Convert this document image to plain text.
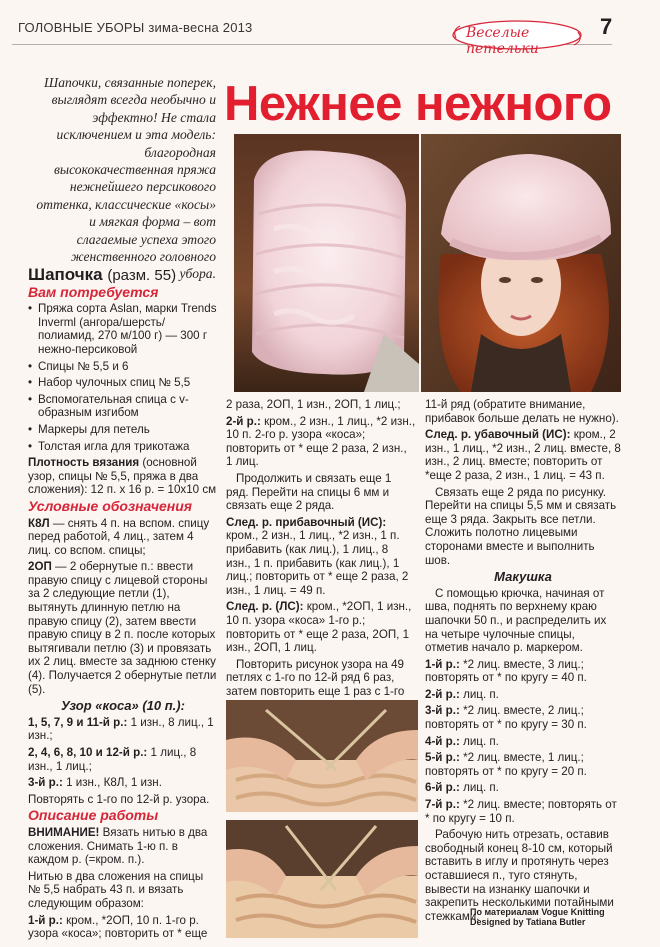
ГОЛОВНЫЕ УБОРЫ зима-весна 2013	Веселые петельки
7
Шапочки, связанные поперек, выглядят всегда необычно и эффектно! Не стала исключением и эта модель: благородная высококачественная пряжа нежнейшего персикового оттенка, классические «косы» и мягкая форма – вот слагаемые успеха этого женственного головного убора.
Нежнее нежного
Шапочка (разм. 55)
Вам потребуется
• Пряжа сорта Aslan, марки Trends Inverml (ангора/шерсть/полиамид, 270 м/100 г) — 300 г нежно-персиковой
• Спицы № 5,5 и 6
• Набор чулочных спиц № 5,5
• Вспомогательная спица с v-образным изгибом
• Маркеры для петель
• Толстая игла для трикотажа

Плотность вязания (основной узор, спицы № 5,5, пряжа в два сложения): 12 п. х 16 р. = 10х10 см

Условные обозначения

К8Л — снять 4 п. на вспом. спицу перед работой, 4 лиц., затем 4 лиц. со вспом. спицы;

2ОП — 2 обернутые п.: ввести правую спицу с лицевой стороны за 2 следующие петли (1), вытянуть длинную петлю на правую спицу (2), затем ввести правую спицу в 2 п. после которых вытягивали петлю (3) и провязать их 2 лиц. вместе за заднюю стенку (4). Получается 2 обернутые петли (5).

Узор «коса» (10 п.):

1, 5, 7, 9 и 11-й р.: 1 изн., 8 лиц., 1 изн.;

2, 4, 6, 8, 10 и 12-й р.: 1 лиц., 8 изн., 1 лиц.;

3-й р.: 1 изн., К8Л, 1 изн.

Повторять с 1-го по 12-й р. узора.

Описание работы

ВНИМАНИЕ! Вязать нитью в два сложения. Снимать 1-ю п. в каждом р. (=кром. п.).

Нитью в два сложения на спицы № 5,5 набрать 43 п. и вязать следующим образом:

1-й р.: кром., *2ОП, 10 п. 1-го р. узора «коса»; повторить от * еще

2 раза, 2ОП, 1 изн., 2ОП, 1 лиц.;

2-й р.: кром., 2 изн., 1 лиц., *2 изн., 10 п. 2-го р. узора «коса»; повторить от * еще 2 раза, 2 изн., 1 лиц.

Продолжить и связать еще 1 ряд. Перейти на спицы 6 мм и связать еще 2 ряда.

След. р. прибавочный (ИС): кром., 2 изн., 1 лиц., *2 изн., 1 п. прибавить (как лиц.), 1 лиц., 8 изн., 1 п. прибавить (как лиц.), 1 лиц.; повторить от * еще 2 раза, 2 изн., 1 лиц. = 49 п.

След. р. (ЛС): кром., *2ОП, 1 изн., 10 п. узора «коса» 1-го р.; повторить от * еще 2 раза, 2ОП, 1 изн., 2ОП, 1 лиц.

Повторить рисунок узора на 49 петлях с 1-го по 12-й ряд 6 раз, затем повторить еще 1 раз с 1-го

11-й ряд (обратите внимание, прибавок больше делать не нужно).

След. р. убавочный (ИС): кром., 2 изн., 1 лиц., *2 изн., 2 лиц. вместе, 8 изн., 2 лиц. вместе; повторить от *еще 2 раза, 2 изн., 1 лиц. = 43 п.

Связать еще 2 ряда по рисунку. Перейти на спицы 5,5 мм и связать еще 3 ряда. Закрыть все петли. Сложить полотно лицевыми сторонами вместе и выполнить шов.

Макушка

С помощью крючка, начиная от шва, поднять по верхнему краю шапочки 50 п., и распределить их на четыре чулочные спицы, отметив начало р. маркером.

1-й р.: *2 лиц. вместе, 3 лиц.; повторять от * по кругу = 40 п.

2-й р.: лиц. п.

3-й р.: *2 лиц. вместе, 2 лиц.; повторять от * по кругу = 30 п.

4-й р.: лиц. п.

5-й р.: *2 лиц. вместе, 1 лиц.; повторять от * по кругу = 20 п.

6-й р.: лиц. п.

7-й р.: *2 лиц. вместе; повторять от * по кругу = 10 п.

Рабочую нить отрезать, оставив свободный конец 8-10 см, который вставить в иглу и протянуть через оставшиеся п., туго стянуть, вывести на изнанку шапочки и закрепить несколькими потайными стежками.

По материалам Vogue Knitting
Designed by Tatiana Butler
